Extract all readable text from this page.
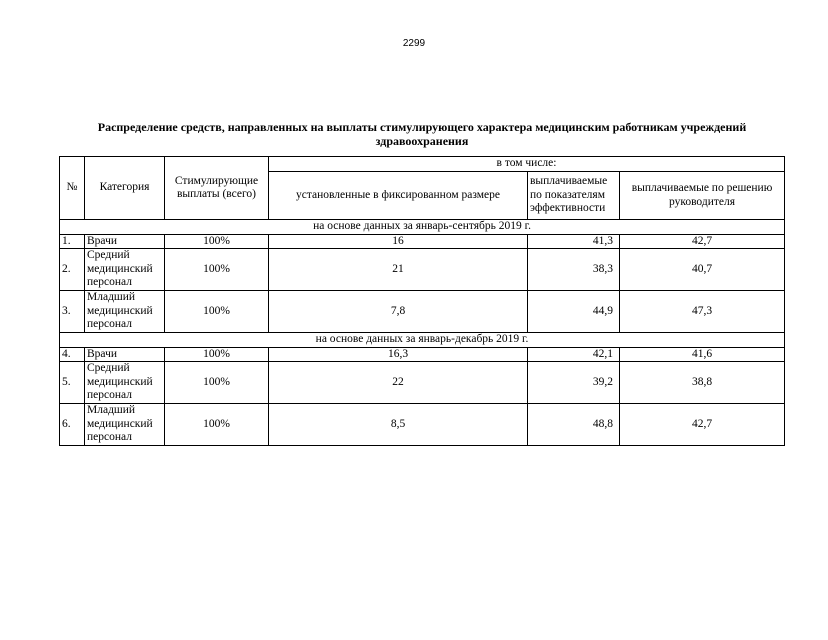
2299
Распределение средств, направленных на выплаты стимулирующего характера медицинским работникам учреждений здравоохранения
№	Категория	Стимулирующие выплаты (всего)	в том числе:		
			установленные в фиксированном размере	выплачиваемые по показателям эффективности	выплачиваемые по решению руководителя
на основе данных за январь-сентябрь 2019 г.					
1.	Врачи	100%	16	41,3	42,7
2.	Средний медицинский персонал	100%	21	38,3	40,7
3.	Младший медицинский персонал	100%	7,8	44,9	47,3
на основе данных за январь-декабрь 2019 г.					
4.	Врачи	100%	16,3	42,1	41,6
5.	Средний медицинский персонал	100%	22	39,2	38,8
6.	Младший медицинский персонал	100%	8,5	48,8	42,7
